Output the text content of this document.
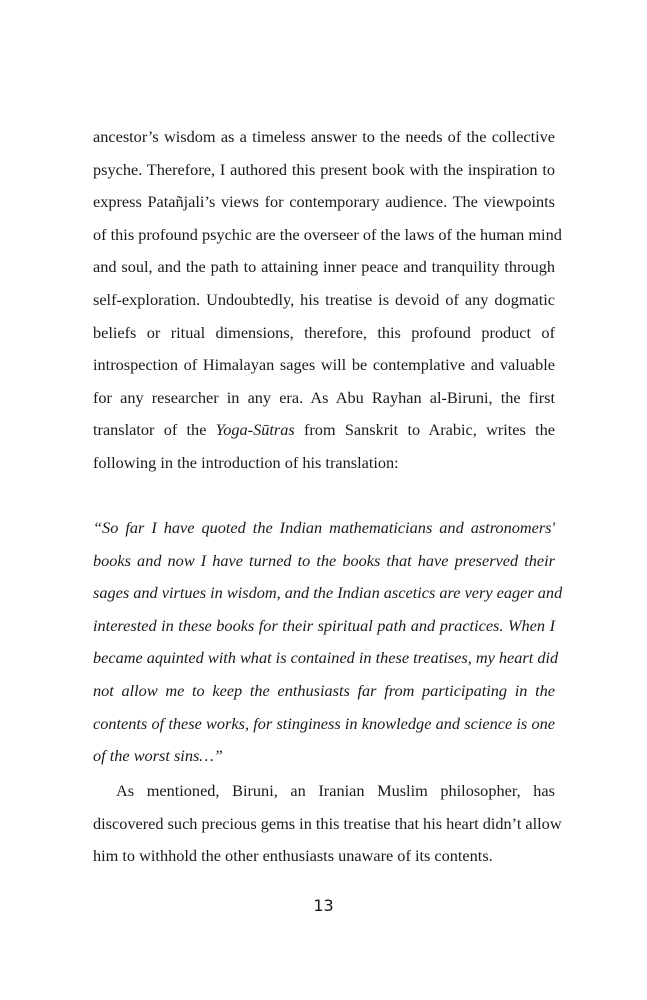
ancestor’s wisdom as a timeless answer to the needs of the collective
psyche. Therefore, I authored this present book with the inspiration to
express Patañjali’s views for contemporary audience. The viewpoints
of this profound psychic are the overseer of the laws of the human mind
and soul, and the path to attaining inner peace and tranquility through
self-exploration. Undoubtedly, his treatise is devoid of any dogmatic
beliefs or ritual dimensions, therefore, this profound product of
introspection of Himalayan sages will be contemplative and valuable
for any researcher in any era. As Abu Rayhan al-Biruni, the first
translator of the Yoga-Sūtras from Sanskrit to Arabic, writes the
following in the introduction of his translation:
“So far I have quoted the Indian mathematicians and astronomers'
books and now I have turned to the books that have preserved their
sages and virtues in wisdom, and the Indian ascetics are very eager and
interested in these books for their spiritual path and practices. When I
became aquinted with what is contained in these treatises, my heart did
not allow me to keep the enthusiasts far from participating in the
contents of these works, for stinginess in knowledge and science is one
of the worst sins…”
As mentioned, Biruni, an Iranian Muslim philosopher, has
discovered such precious gems in this treatise that his heart didn’t allow
him to withhold the other enthusiasts unaware of its contents.
13
